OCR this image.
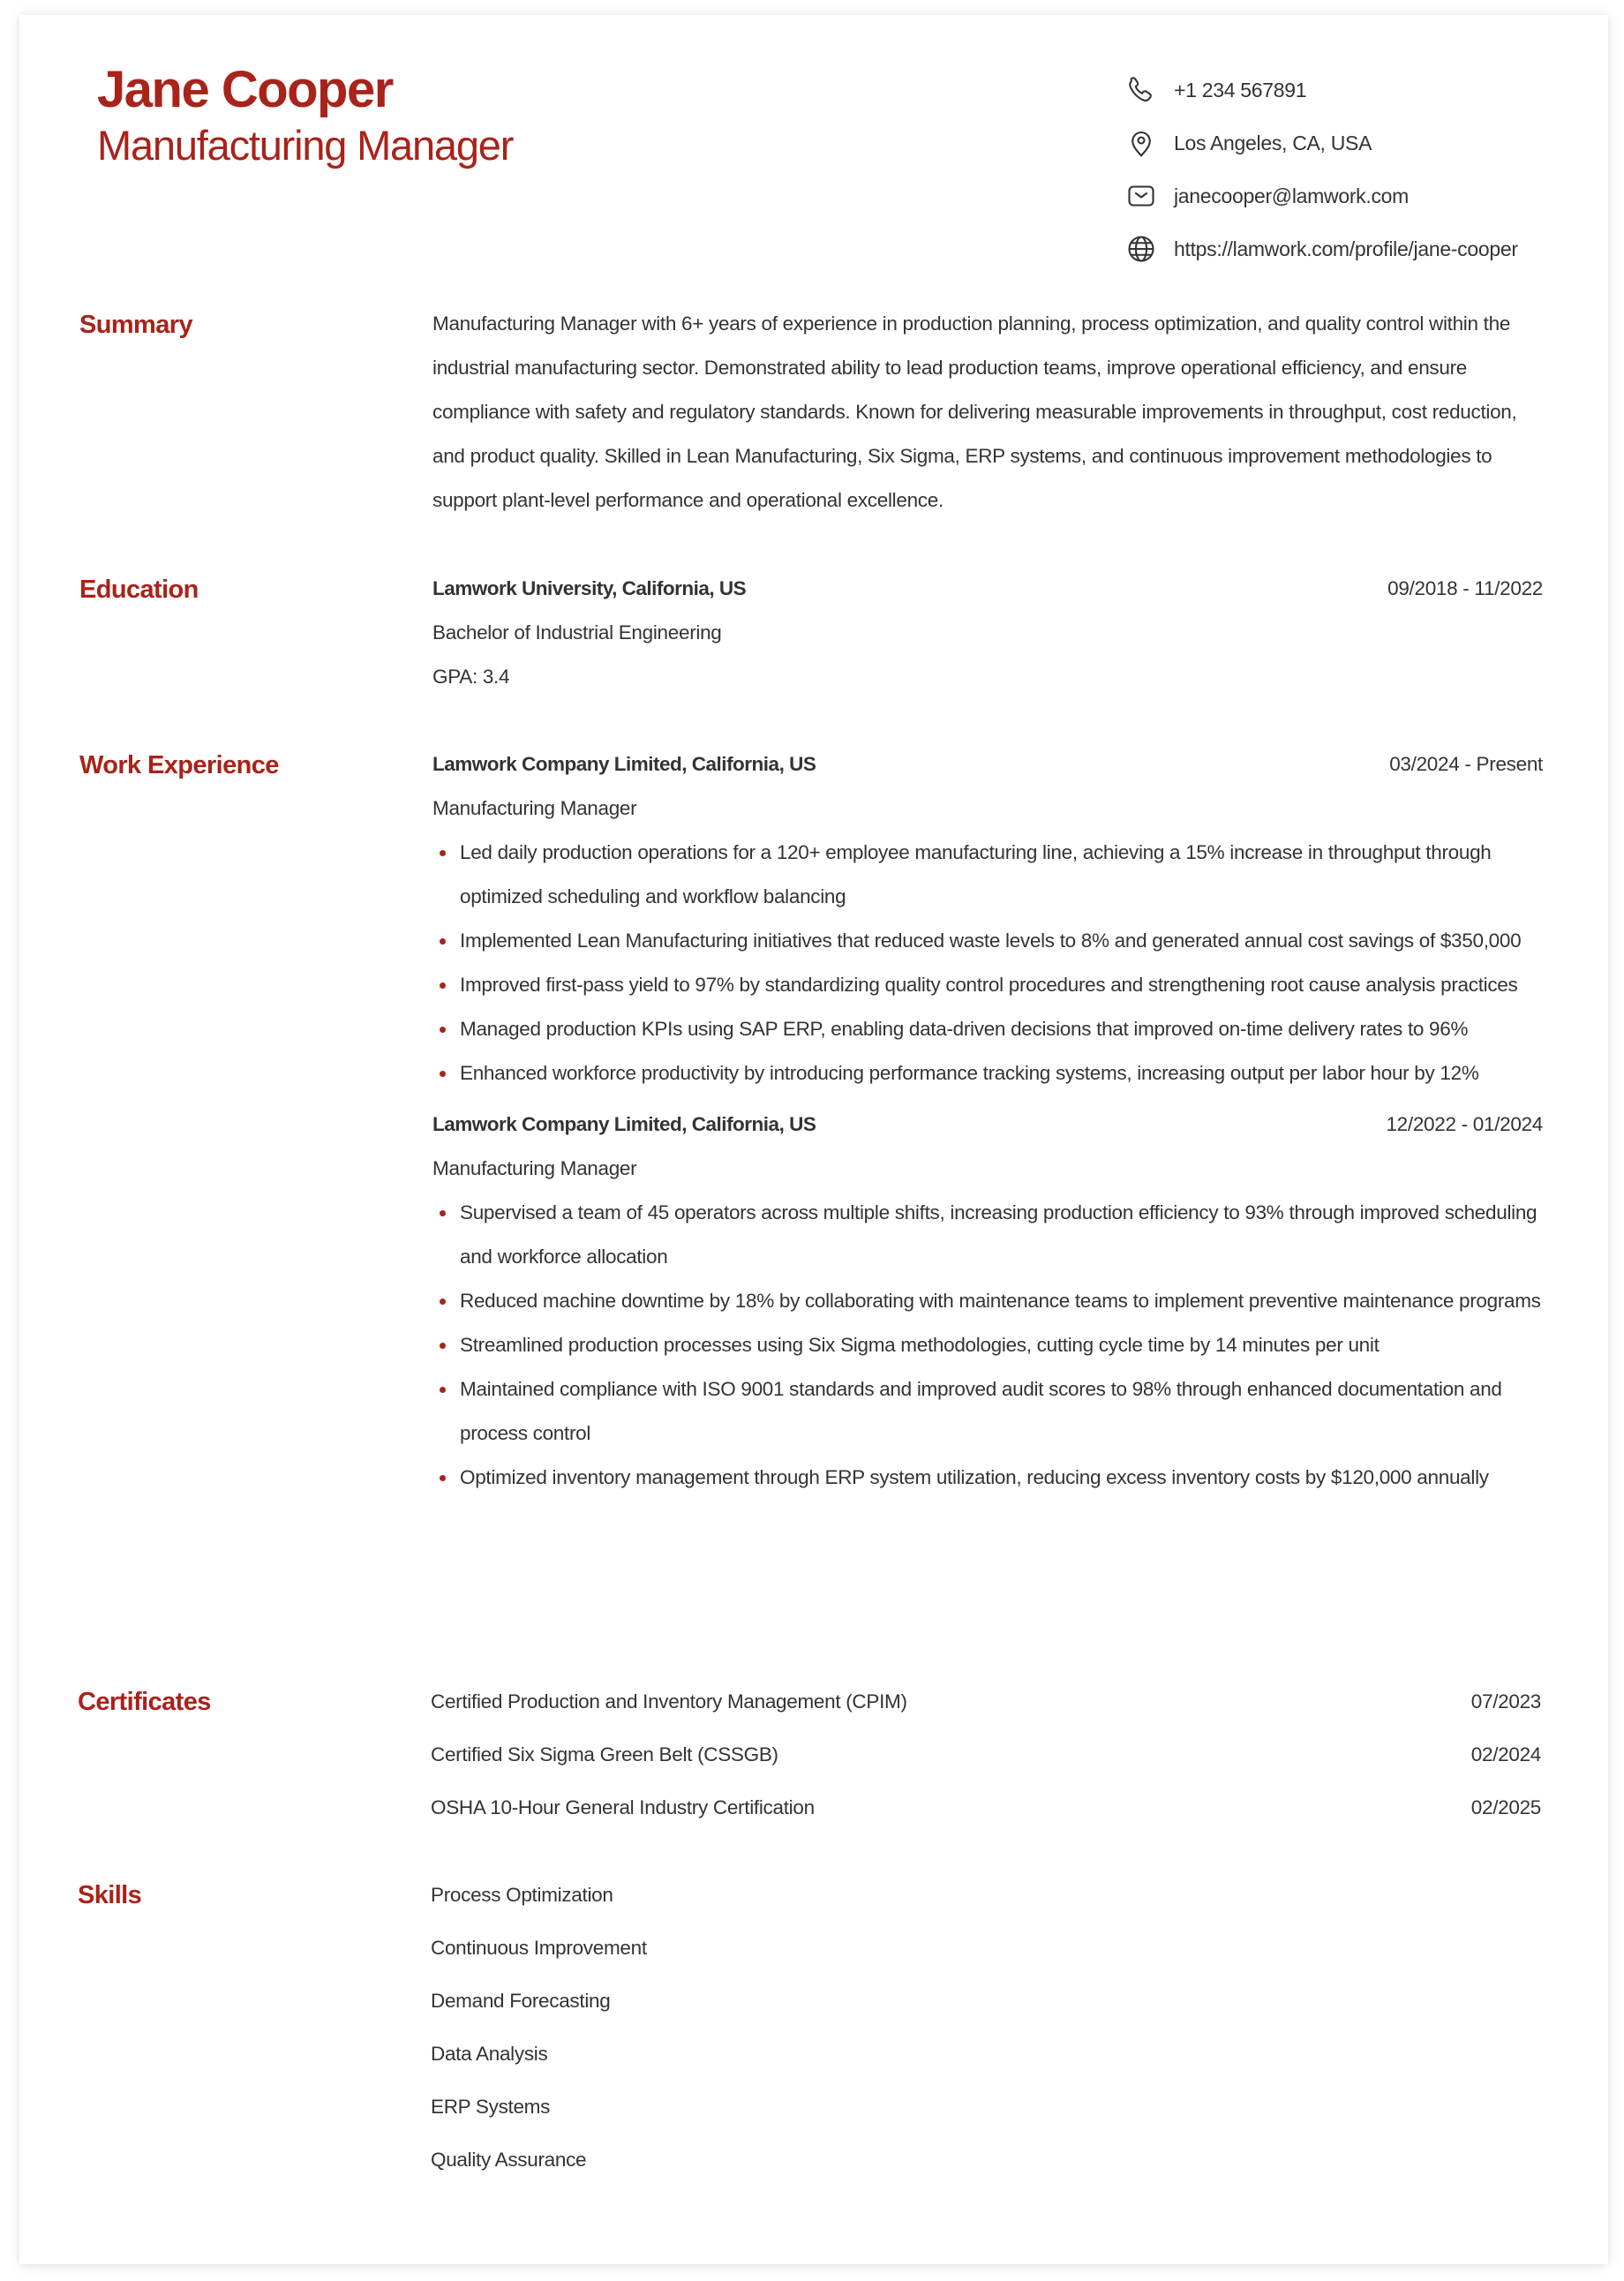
Jane Cooper
Manufacturing Manager
+1 234 567891
Los Angeles, CA, USA
janecooper@lamwork.com
https://lamwork.com/profile/jane-cooper
Summary	Manufacturing Manager with 6+ years of experience in production planning, process optimization, and quality control within the industrial manufacturing sector. Demonstrated ability to lead production teams, improve operational efficiency, and ensure compliance with safety and regulatory standards. Known for delivering measurable improvements in throughput, cost reduction, and product quality. Skilled in Lean Manufacturing, Six Sigma, ERP systems, and continuous improvement methodologies to support plant-level performance and operational excellence.

Education	Lamwork University, California, US	09/2018 - 11/2022
Bachelor of Industrial Engineering
GPA: 3.4
Work Experience	Lamwork Company Limited, California, US	03/2024 - Present
Manufacturing Manager
Led daily production operations for a 120+ employee manufacturing line, achieving a 15% increase in throughput through optimized scheduling and workflow balancing
Implemented Lean Manufacturing initiatives that reduced waste levels to 8% and generated annual cost savings of $350,000
Improved first-pass yield to 97% by standardizing quality control procedures and strengthening root cause analysis practices
Managed production KPIs using SAP ERP, enabling data-driven decisions that improved on-time delivery rates to 96%
Enhanced workforce productivity by introducing performance tracking systems, increasing output per labor hour by 12%
Lamwork Company Limited, California, US	12/2022 - 01/2024
Manufacturing Manager
Supervised a team of 45 operators across multiple shifts, increasing production efficiency to 93% through improved scheduling and workforce allocation
Reduced machine downtime by 18% by collaborating with maintenance teams to implement preventive maintenance programs
Streamlined production processes using Six Sigma methodologies, cutting cycle time by 14 minutes per unit
Maintained compliance with ISO 9001 standards and improved audit scores to 98% through enhanced documentation and process control
Optimized inventory management through ERP system utilization, reducing excess inventory costs by $120,000 annually
Certificates	Certified Production and Inventory Management (CPIM)	07/2023
Certified Six Sigma Green Belt (CSSGB)	02/2024
OSHA 10-Hour General Industry Certification	02/2025
Skills	Process Optimization
Continuous Improvement
Demand Forecasting
Data Analysis
ERP Systems
Quality Assurance
